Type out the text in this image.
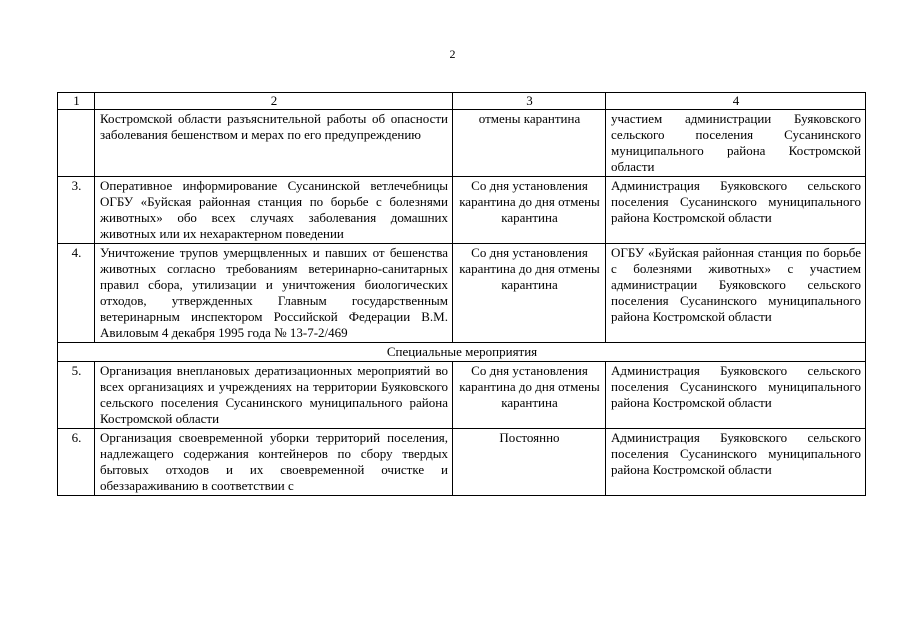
2
1	2	3	4
	Костромской области разъяснительной работы об опасности заболевания бешенством и мерах по его предупреждению	отмены карантина	участием администрации Буяковского сельского поселения Сусанинского муниципального района Костромской области
3.	Оперативное информирование Сусанинской ветлечебницы ОГБУ «Буйская районная станция по борьбе с болезнями животных» обо всех случаях заболевания домашних животных или их нехарактерном поведении	Со дня установления карантина до дня отмены карантина	Администрация Буяковского сельского поселения Сусанинского муниципального района Костромской области
4.	Уничтожение трупов умерщвленных и павших от бешенства животных согласно требованиям ветеринарно-санитарных правил сбора, утилизации и уничтожения биологических отходов, утвержденных Главным государственным ветеринарным инспектором Российской Федерации В.М. Авиловым 4 декабря 1995 года № 13-7-2/469	Со дня установления карантина до дня отмены карантина	ОГБУ «Буйская районная станция по борьбе с болезнями животных» с участием администрации Буяковского сельского поселения Сусанинского муниципального района Костромской области
Специальные мероприятия			
5.	Организация внеплановых дератизационных мероприятий во всех организациях и учреждениях на территории Буяковского сельского поселения Сусанинского муниципального района Костромской области	Со дня установления карантина до дня отмены карантина	Администрация Буяковского сельского поселения Сусанинского муниципального района Костромской области
6.	Организация своевременной уборки территорий поселения, надлежащего содержания контейнеров по сбору твердых бытовых отходов и их своевременной очистке и обеззараживанию в соответствии с	Постоянно	Администрация Буяковского сельского поселения Сусанинского муниципального района Костромской области
